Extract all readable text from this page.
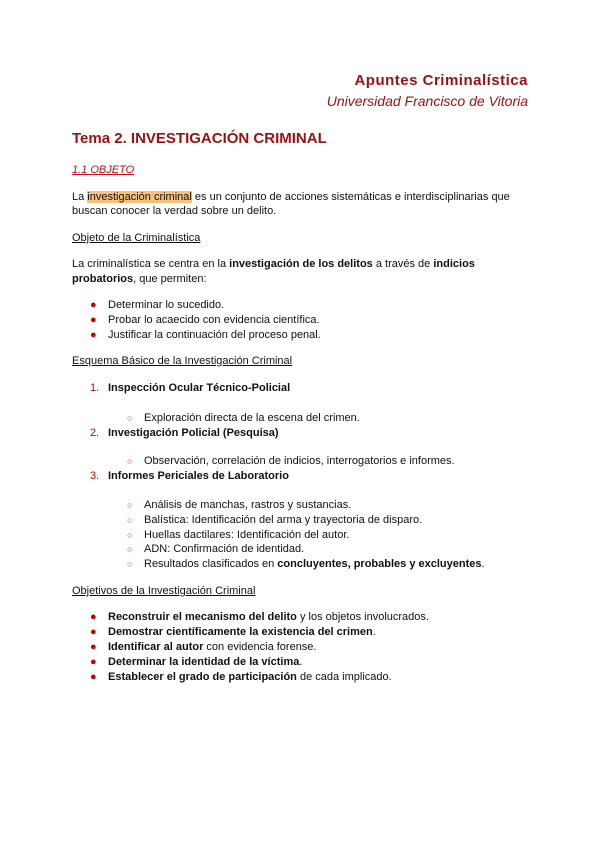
Apuntes Criminalística
Universidad Francisco de Vitoria
Tema 2. INVESTIGACIÓN CRIMINAL
1.1 OBJETO
La investigación criminal es un conjunto de acciones sistemáticas e interdisciplinarias que
buscan conocer la verdad sobre un delito.
Objeto de la Criminalística
La criminalística se centra en la investigación de los delitos a través de indicios
probatorios, que permiten:
● Determinar lo sucedido.
● Probar lo acaecido con evidencia científica.
● Justificar la continuación del proceso penal.
Esquema Básico de la Investigación Criminal
1. Inspección Ocular Técnico-Policial
○ Exploración directa de la escena del crimen.
2. Investigación Policial (Pesquisa)
○ Observación, correlación de indicios, interrogatorios e informes.
3. Informes Periciales de Laboratorio
○ Análisis de manchas, rastros y sustancias.
○ Balística: Identificación del arma y trayectoria de disparo.
○ Huellas dactilares: Identificación del autor.
○ ADN: Confirmación de identidad.
○ Resultados clasificados en concluyentes, probables y excluyentes.
Objetivos de la Investigación Criminal
● Reconstruir el mecanismo del delito y los objetos involucrados.
● Demostrar científicamente la existencia del crimen.
● Identificar al autor con evidencia forense.
● Determinar la identidad de la víctima.
● Establecer el grado de participación de cada implicado.
